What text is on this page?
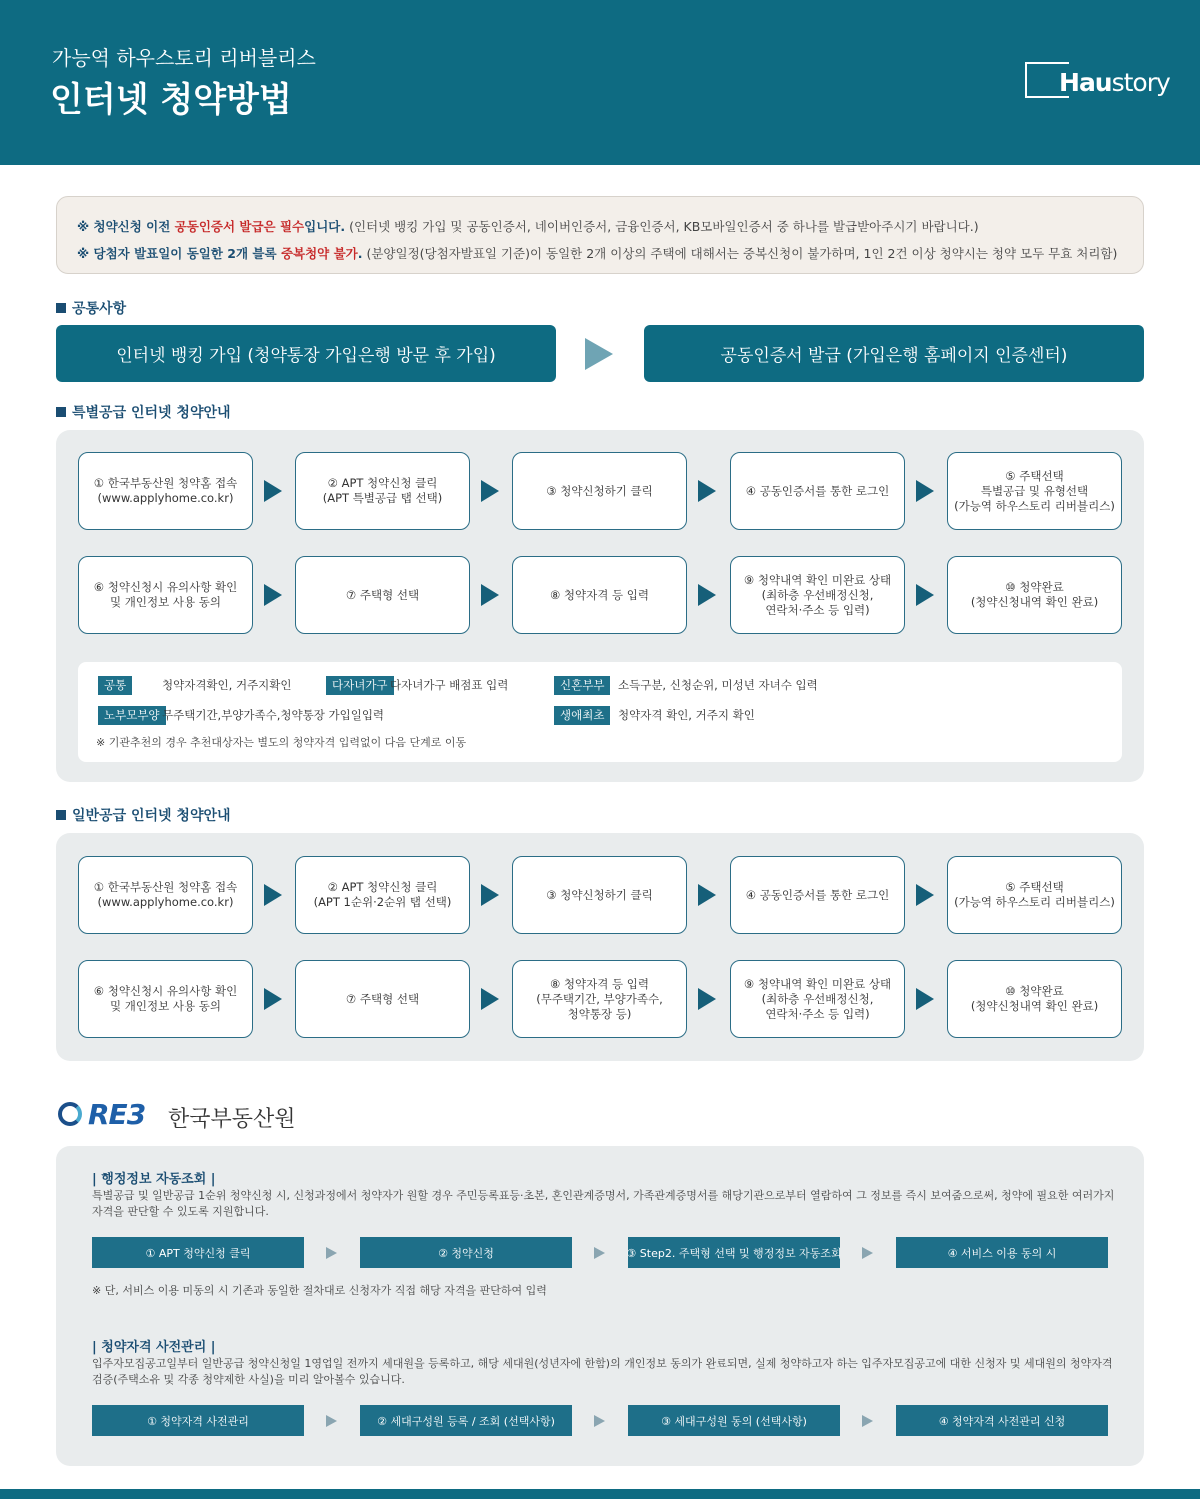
가능역 하우스토리 리버블리스
인터넷 청약방법	Haustory

※ 청약신청 이전 공동인증서 발급은 필수입니다. (인터넷 뱅킹 가입 및 공동인증서, 네이버인증서, 금융인증서, KB모바일인증서 중 하나를 발급받아주시기 바랍니다.)

※ 당첨자 발표일이 동일한 2개 블록 중복청약 불가. (분양일정(당첨자발표일 기준)이 동일한 2개 이상의 주택에 대해서는 중복신청이 불가하며, 1인 2건 이상 청약시는 청약 모두 무효 처리함)

공통사항
인터넷 뱅킹 가입 (청약통장 가입은행 방문 후 가입)	공동인증서 발급 (가입은행 홈페이지 인증센터)
특별공급 인터넷 청약안내
공통	청약자격확인, 거주지확인	다자녀가구 다자녀가구 배점표 입력	신혼부부	소득구분, 신청순위, 미성년 자녀수 입력
노부모부양 무주택기간,부양가족수,청약통장 가입일입력	생애최초	청약자격 확인, 거주지 확인
※ 기관추천의 경우 추천대상자는 별도의 청약자격 입력없이 다음 단계로 이동
① 한국부동산원 청약홈 접속
(www.applyhome.co.kr)
② APT 청약신청 클릭
(APT 특별공급 탭 선택)
③ 청약신청하기 클릭	④ 공동인증서를 통한 로그인
⑤ 주택선택
특별공급 및 유형선택
(가능역 하우스토리 리버블리스)
⑥ 청약신청시 유의사항 확인
및 개인정보 사용 동의
⑦ 주택형 선택	⑧ 청약자격 등 입력
⑨ 청약내역 확인 미완료 상태
(최하층 우선배정신청,
연락처·주소 등 입력)
⑩ 청약완료
(청약신청내역 확인 완료)
일반공급 인터넷 청약안내
① 한국부동산원 청약홈 접속
(www.applyhome.co.kr)
② APT 청약신청 클릭
(APT 1순위·2순위 탭 선택)
③ 청약신청하기 클릭	④ 공동인증서를 통한 로그인
⑤ 주택선택
(가능역 하우스토리 리버블리스)
⑥ 청약신청시 유의사항 확인
및 개인정보 사용 동의
⑦ 주택형 선택
⑧ 청약자격 등 입력
(무주택기간, 부양가족수,
청약통장 등)
⑨ 청약내역 확인 미완료 상태
(최하층 우선배정신청,
연락처·주소 등 입력)
⑩ 청약완료
(청약신청내역 확인 완료)
RE3 한국부동산원
| 행정정보 자동조회 |
특별공급 및 일반공급 1순위 청약신청 시, 신청과정에서 청약자가 원할 경우 주민등록표등·초본, 혼인관계증명서, 가족관계증명서를 해당기관으로부터 열람하여 그 정보를 즉시 보여줌으로써, 청약에 필요한 여러가지 자격을 판단할 수 있도록 지원합니다.
① APT 청약신청 클릭	② 청약신청	③ Step2. 주택형 선택 및 행정정보 자동조회	④ 서비스 이용 동의 시
※ 단, 서비스 이용 미동의 시 기존과 동일한 절차대로 신청자가 직접 해당 자격을 판단하여 입력
| 청약자격 사전관리 |
입주자모집공고일부터 일반공급 청약신청일 1영업일 전까지 세대원을 등록하고, 해당 세대원(성년자에 한함)의 개인정보 동의가 완료되면, 실제 청약하고자 하는 입주자모집공고에 대한 신청자 및 세대원의 청약자격검증(주택소유 및 각종 청약제한 사실)을 미리 알아볼수 있습니다.
① 청약자격 사전관리	② 세대구성원 등록 / 조회 (선택사항)	③ 세대구성원 동의 (선택사항)	④ 청약자격 사전관리 신청
